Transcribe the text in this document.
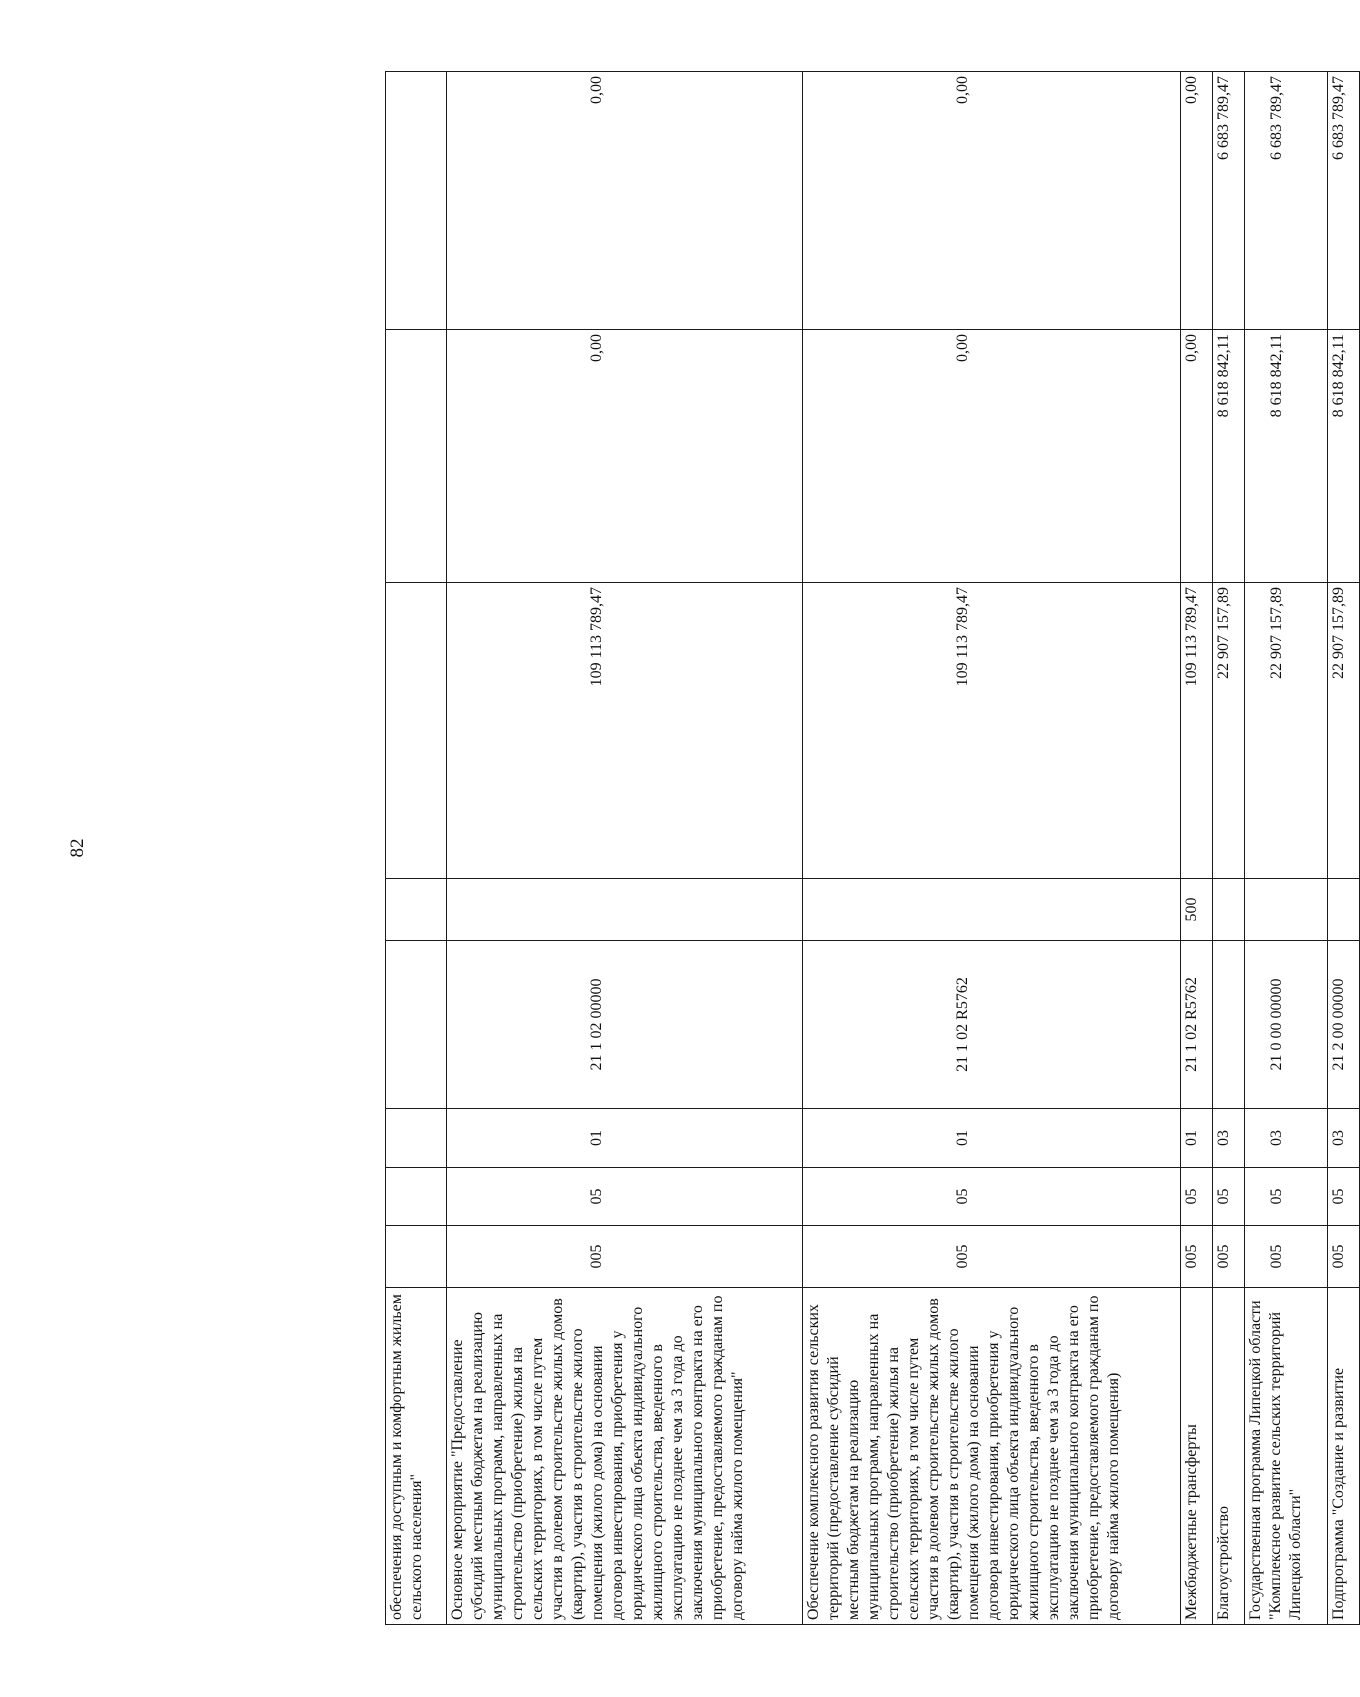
82
обеспечения доступным и комфортным жильем сельского населения"								
Основное мероприятие "Предоставление субсидий местным бюджетам на реализацию муниципальных программ, направленных на строительство (приобретение) жилья на сельских территориях, в том числе путем участия в долевом строительстве жилых домов (квартир), участия в строительстве жилого помещения (жилого дома) на основании договора инвестирования, приобретения у юридического лица объекта индивидуального жилищного строительства, введенного в эксплуатацию не позднее чем за 3 года до заключения муниципального контракта на его приобретение, предоставляемого гражданам по договору найма жилого помещения"	005	05	01	21 1 02 00000		109 113 789,47	0,00	0,00
Обеспечение комплексного развития сельских территорий (предоставление субсидий местным бюджетам на реализацию муниципальных программ, направленных на строительство (приобретение) жилья на сельских территориях, в том числе путем участия в долевом строительстве жилых домов (квартир), участия в строительстве жилого помещения (жилого дома) на основании договора инвестирования, приобретения у юридического лица объекта индивидуального жилищного строительства, введенного в эксплуатацию не позднее чем за 3 года до заключения муниципального контракта на его приобретение, предоставляемого гражданам по договору найма жилого помещения)	005	05	01	21 1 02 R5762		109 113 789,47	0,00	0,00
Межбюджетные трансферты	005	05	01	21 1 02 R5762	500	109 113 789,47	0,00	0,00
Благоустройство	005	05	03			22 907 157,89	8 618 842,11	6 683 789,47
Государственная программа Липецкой области "Комплексное развитие сельских территорий Липецкой области"	005	05	03	21 0 00 00000		22 907 157,89	8 618 842,11	6 683 789,47
Подпрограмма "Создание и развитие	005	05	03	21 2 00 00000		22 907 157,89	8 618 842,11	6 683 789,47
